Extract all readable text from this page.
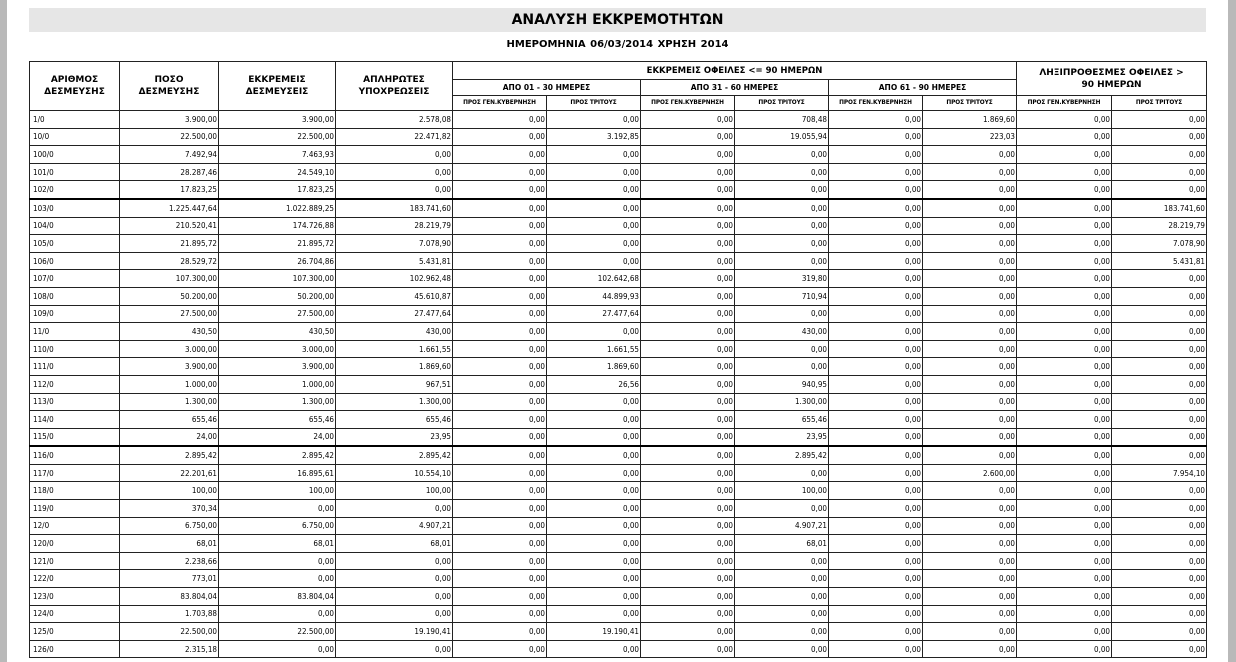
ΑΝΑΛΥΣΗ ΕΚΚΡΕΜΟΤΗΤΩΝ
ΗΜΕΡΟΜΗΝΙΑ 06/03/2014 ΧΡΗΣΗ 2014
ΑΡΙΘΜΟΣ ΔΕΣΜΕΥΣΗΣ	ΠΟΣΟ ΔΕΣΜΕΥΣΗΣ	ΕΚΚΡΕΜΕΙΣ ΔΕΣΜΕΥΣΕΙΣ	ΑΠΛΗΡΩΤΕΣ ΥΠΟΧΡΕΩΣΕΙΣ	ΕΚΚΡΕΜΕΙΣ ΟΦΕΙΛΕΣ <= 90 ΗΜΕΡΩΝ						ΛΗΞΙΠΡΟΘΕΣΜΕΣ ΟΦΕΙΛΕΣ > 90 ΗΜΕΡΩΝ	

				ΑΠΟ 01 - 30 ΗΜΕΡΕΣ		ΑΠΟ 31 - 60 ΗΜΕΡΕΣ		ΑΠΟ 61 - 90 ΗΜΕΡΕΣ			
				ΠΡΟΣ ΓΕΝ.ΚΥΒΕΡΝΗΣΗ	ΠΡΟΣ ΤΡΙΤΟΥΣ	ΠΡΟΣ ΓΕΝ.ΚΥΒΕΡΝΗΣΗ	ΠΡΟΣ ΤΡΙΤΟΥΣ	ΠΡΟΣ ΓΕΝ.ΚΥΒΕΡΝΗΣΗ	ΠΡΟΣ ΤΡΙΤΟΥΣ	ΠΡΟΣ ΓΕΝ.ΚΥΒΕΡΝΗΣΗ	ΠΡΟΣ ΤΡΙΤΟΥΣ
1/0	3.900,00	3.900,00	2.578,08	0,00	0,00	0,00	708,48	0,00	1.869,60	0,00	0,00
10/0	22.500,00	22.500,00	22.471,82	0,00	3.192,85	0,00	19.055,94	0,00	223,03	0,00	0,00
100/0	7.492,94	7.463,93	0,00	0,00	0,00	0,00	0,00	0,00	0,00	0,00	0,00
101/0	28.287,46	24.549,10	0,00	0,00	0,00	0,00	0,00	0,00	0,00	0,00	0,00
102/0	17.823,25	17.823,25	0,00	0,00	0,00	0,00	0,00	0,00	0,00	0,00	0,00
103/0	1.225.447,64	1.022.889,25	183.741,60	0,00	0,00	0,00	0,00	0,00	0,00	0,00	183.741,60
104/0	210.520,41	174.726,88	28.219,79	0,00	0,00	0,00	0,00	0,00	0,00	0,00	28.219,79
105/0	21.895,72	21.895,72	7.078,90	0,00	0,00	0,00	0,00	0,00	0,00	0,00	7.078,90
106/0	28.529,72	26.704,86	5.431,81	0,00	0,00	0,00	0,00	0,00	0,00	0,00	5.431,81
107/0	107.300,00	107.300,00	102.962,48	0,00	102.642,68	0,00	319,80	0,00	0,00	0,00	0,00
108/0	50.200,00	50.200,00	45.610,87	0,00	44.899,93	0,00	710,94	0,00	0,00	0,00	0,00
109/0	27.500,00	27.500,00	27.477,64	0,00	27.477,64	0,00	0,00	0,00	0,00	0,00	0,00
11/0	430,50	430,50	430,00	0,00	0,00	0,00	430,00	0,00	0,00	0,00	0,00
110/0	3.000,00	3.000,00	1.661,55	0,00	1.661,55	0,00	0,00	0,00	0,00	0,00	0,00
111/0	3.900,00	3.900,00	1.869,60	0,00	1.869,60	0,00	0,00	0,00	0,00	0,00	0,00
112/0	1.000,00	1.000,00	967,51	0,00	26,56	0,00	940,95	0,00	0,00	0,00	0,00
113/0	1.300,00	1.300,00	1.300,00	0,00	0,00	0,00	1.300,00	0,00	0,00	0,00	0,00
114/0	655,46	655,46	655,46	0,00	0,00	0,00	655,46	0,00	0,00	0,00	0,00
115/0	24,00	24,00	23,95	0,00	0,00	0,00	23,95	0,00	0,00	0,00	0,00
116/0	2.895,42	2.895,42	2.895,42	0,00	0,00	0,00	2.895,42	0,00	0,00	0,00	0,00
117/0	22.201,61	16.895,61	10.554,10	0,00	0,00	0,00	0,00	0,00	2.600,00	0,00	7.954,10
118/0	100,00	100,00	100,00	0,00	0,00	0,00	100,00	0,00	0,00	0,00	0,00
119/0	370,34	0,00	0,00	0,00	0,00	0,00	0,00	0,00	0,00	0,00	0,00
12/0	6.750,00	6.750,00	4.907,21	0,00	0,00	0,00	4.907,21	0,00	0,00	0,00	0,00
120/0	68,01	68,01	68,01	0,00	0,00	0,00	68,01	0,00	0,00	0,00	0,00
121/0	2.238,66	0,00	0,00	0,00	0,00	0,00	0,00	0,00	0,00	0,00	0,00
122/0	773,01	0,00	0,00	0,00	0,00	0,00	0,00	0,00	0,00	0,00	0,00
123/0	83.804,04	83.804,04	0,00	0,00	0,00	0,00	0,00	0,00	0,00	0,00	0,00
124/0	1.703,88	0,00	0,00	0,00	0,00	0,00	0,00	0,00	0,00	0,00	0,00
125/0	22.500,00	22.500,00	19.190,41	0,00	19.190,41	0,00	0,00	0,00	0,00	0,00	0,00
126/0	2.315,18	0,00	0,00	0,00	0,00	0,00	0,00	0,00	0,00	0,00	0,00
